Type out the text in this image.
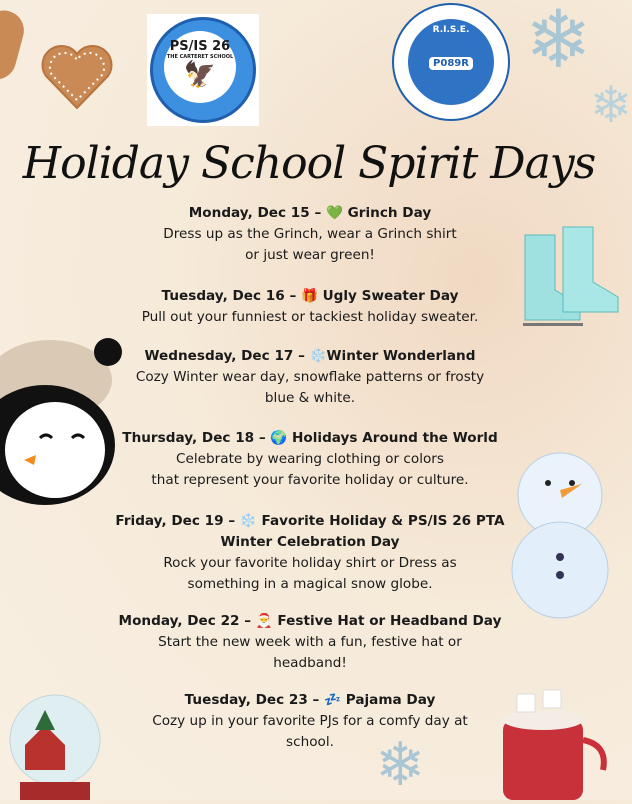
❄
❄
❄
PS/IS 26
THE CARTERET SCHOOL
🦅
R.I.S.E.
P089R
Holiday School Spirit Days
Monday, Dec 15 – 💚 Grinch Day
Dress up as the Grinch, wear a Grinch shirt
or just wear green!
Tuesday, Dec 16 – 🎁 Ugly Sweater Day
Pull out your funniest or tackiest holiday sweater.
Wednesday, Dec 17 – ❄️Winter Wonderland
Cozy Winter wear day, snowflake patterns or frosty
blue & white.
Thursday, Dec 18 – 🌍 Holidays Around the World
Celebrate by wearing clothing or colors
that represent your favorite holiday or culture.
Friday, Dec 19 – ❄️ Favorite Holiday & PS/IS 26 PTA
Winter Celebration Day
Rock your favorite holiday shirt or Dress as
something in a magical snow globe.
Monday, Dec 22 – 🎅 Festive Hat or Headband Day
Start the new week with a fun, festive hat or
headband!
Tuesday, Dec 23 – 💤 Pajama Day
Cozy up in your favorite PJs for a comfy day at
school.
